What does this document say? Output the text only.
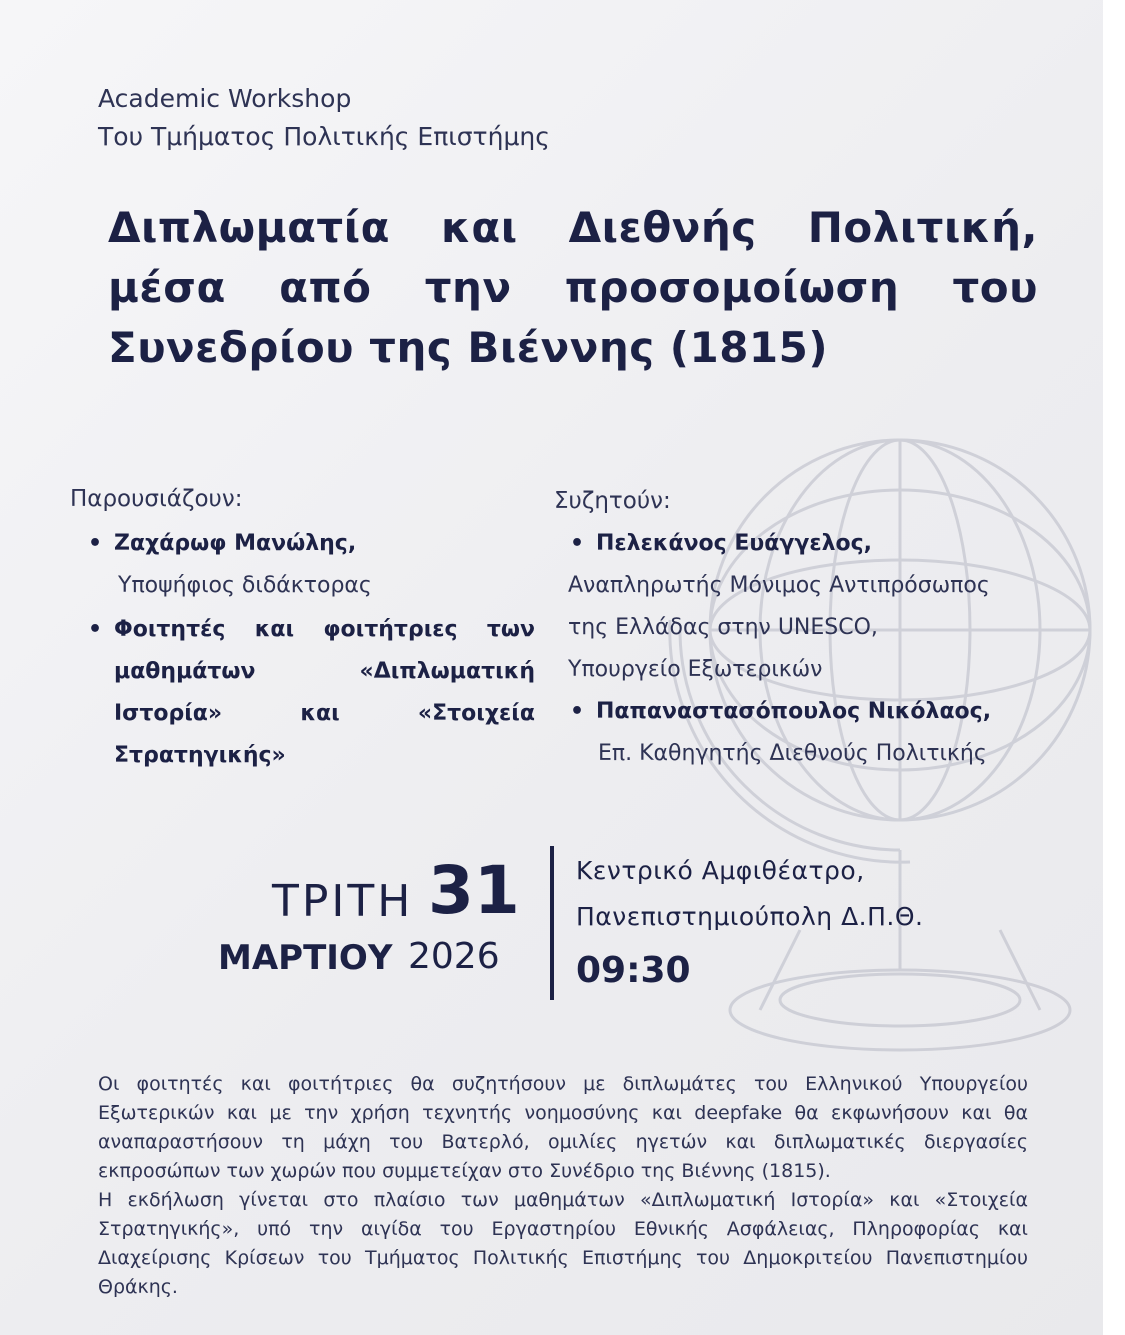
Academic Workshop
Του Τμήματος Πολιτικής Επιστήμης
Διπλωματία και Διεθνής Πολιτική,
μέσα από την προσομοίωση του
Συνεδρίου της Βιέννης (1815)
Παρουσιάζουν:
• Ζαχάρωφ Μανώλης,
Υποψήφιος διδάκτορας
• Φοιτητές και φοιτήτριες των
μαθημάτων «Διπλωματική
Ιστορία» και «Στοιχεία
Στρατηγικής»
Συζητούν:
• Πελεκάνος Ευάγγελος,
Αναπληρωτής Μόνιμος Αντιπρόσωπος
της Ελλάδας στην UNESCO,
Υπουργείο Εξωτερικών
• Παπαναστασόπουλος Νικόλαος,
Επ. Καθηγητής Διεθνούς Πολιτικής
ΤΡΙΤΗ 31
ΜΑΡΤΙΟΥ 2026
Κεντρικό Αμφιθέατρο,
Πανεπιστημιούπολη Δ.Π.Θ.
09:30

Οι φοιτητές και φοιτήτριες θα συζητήσουν με διπλωμάτες του Ελληνικού Υπουργείου Εξωτερικών και με την χρήση τεχνητής νοημοσύνης και deepfake θα εκφωνήσουν και θα αναπαραστήσουν τη μάχη του Βατερλό, ομιλίες ηγετών και διπλωματικές διεργασίες εκπροσώπων των χωρών που συμμετείχαν στο Συνέδριο της Βιέννης (1815).

Η εκδήλωση γίνεται στο πλαίσιο των μαθημάτων «Διπλωματική Ιστορία» και «Στοιχεία Στρατηγικής», υπό την αιγίδα του Εργαστηρίου Εθνικής Ασφάλειας, Πληροφορίας και Διαχείρισης Κρίσεων του Τμήματος Πολιτικής Επιστήμης του Δημοκριτείου Πανεπιστημίου Θράκης.
